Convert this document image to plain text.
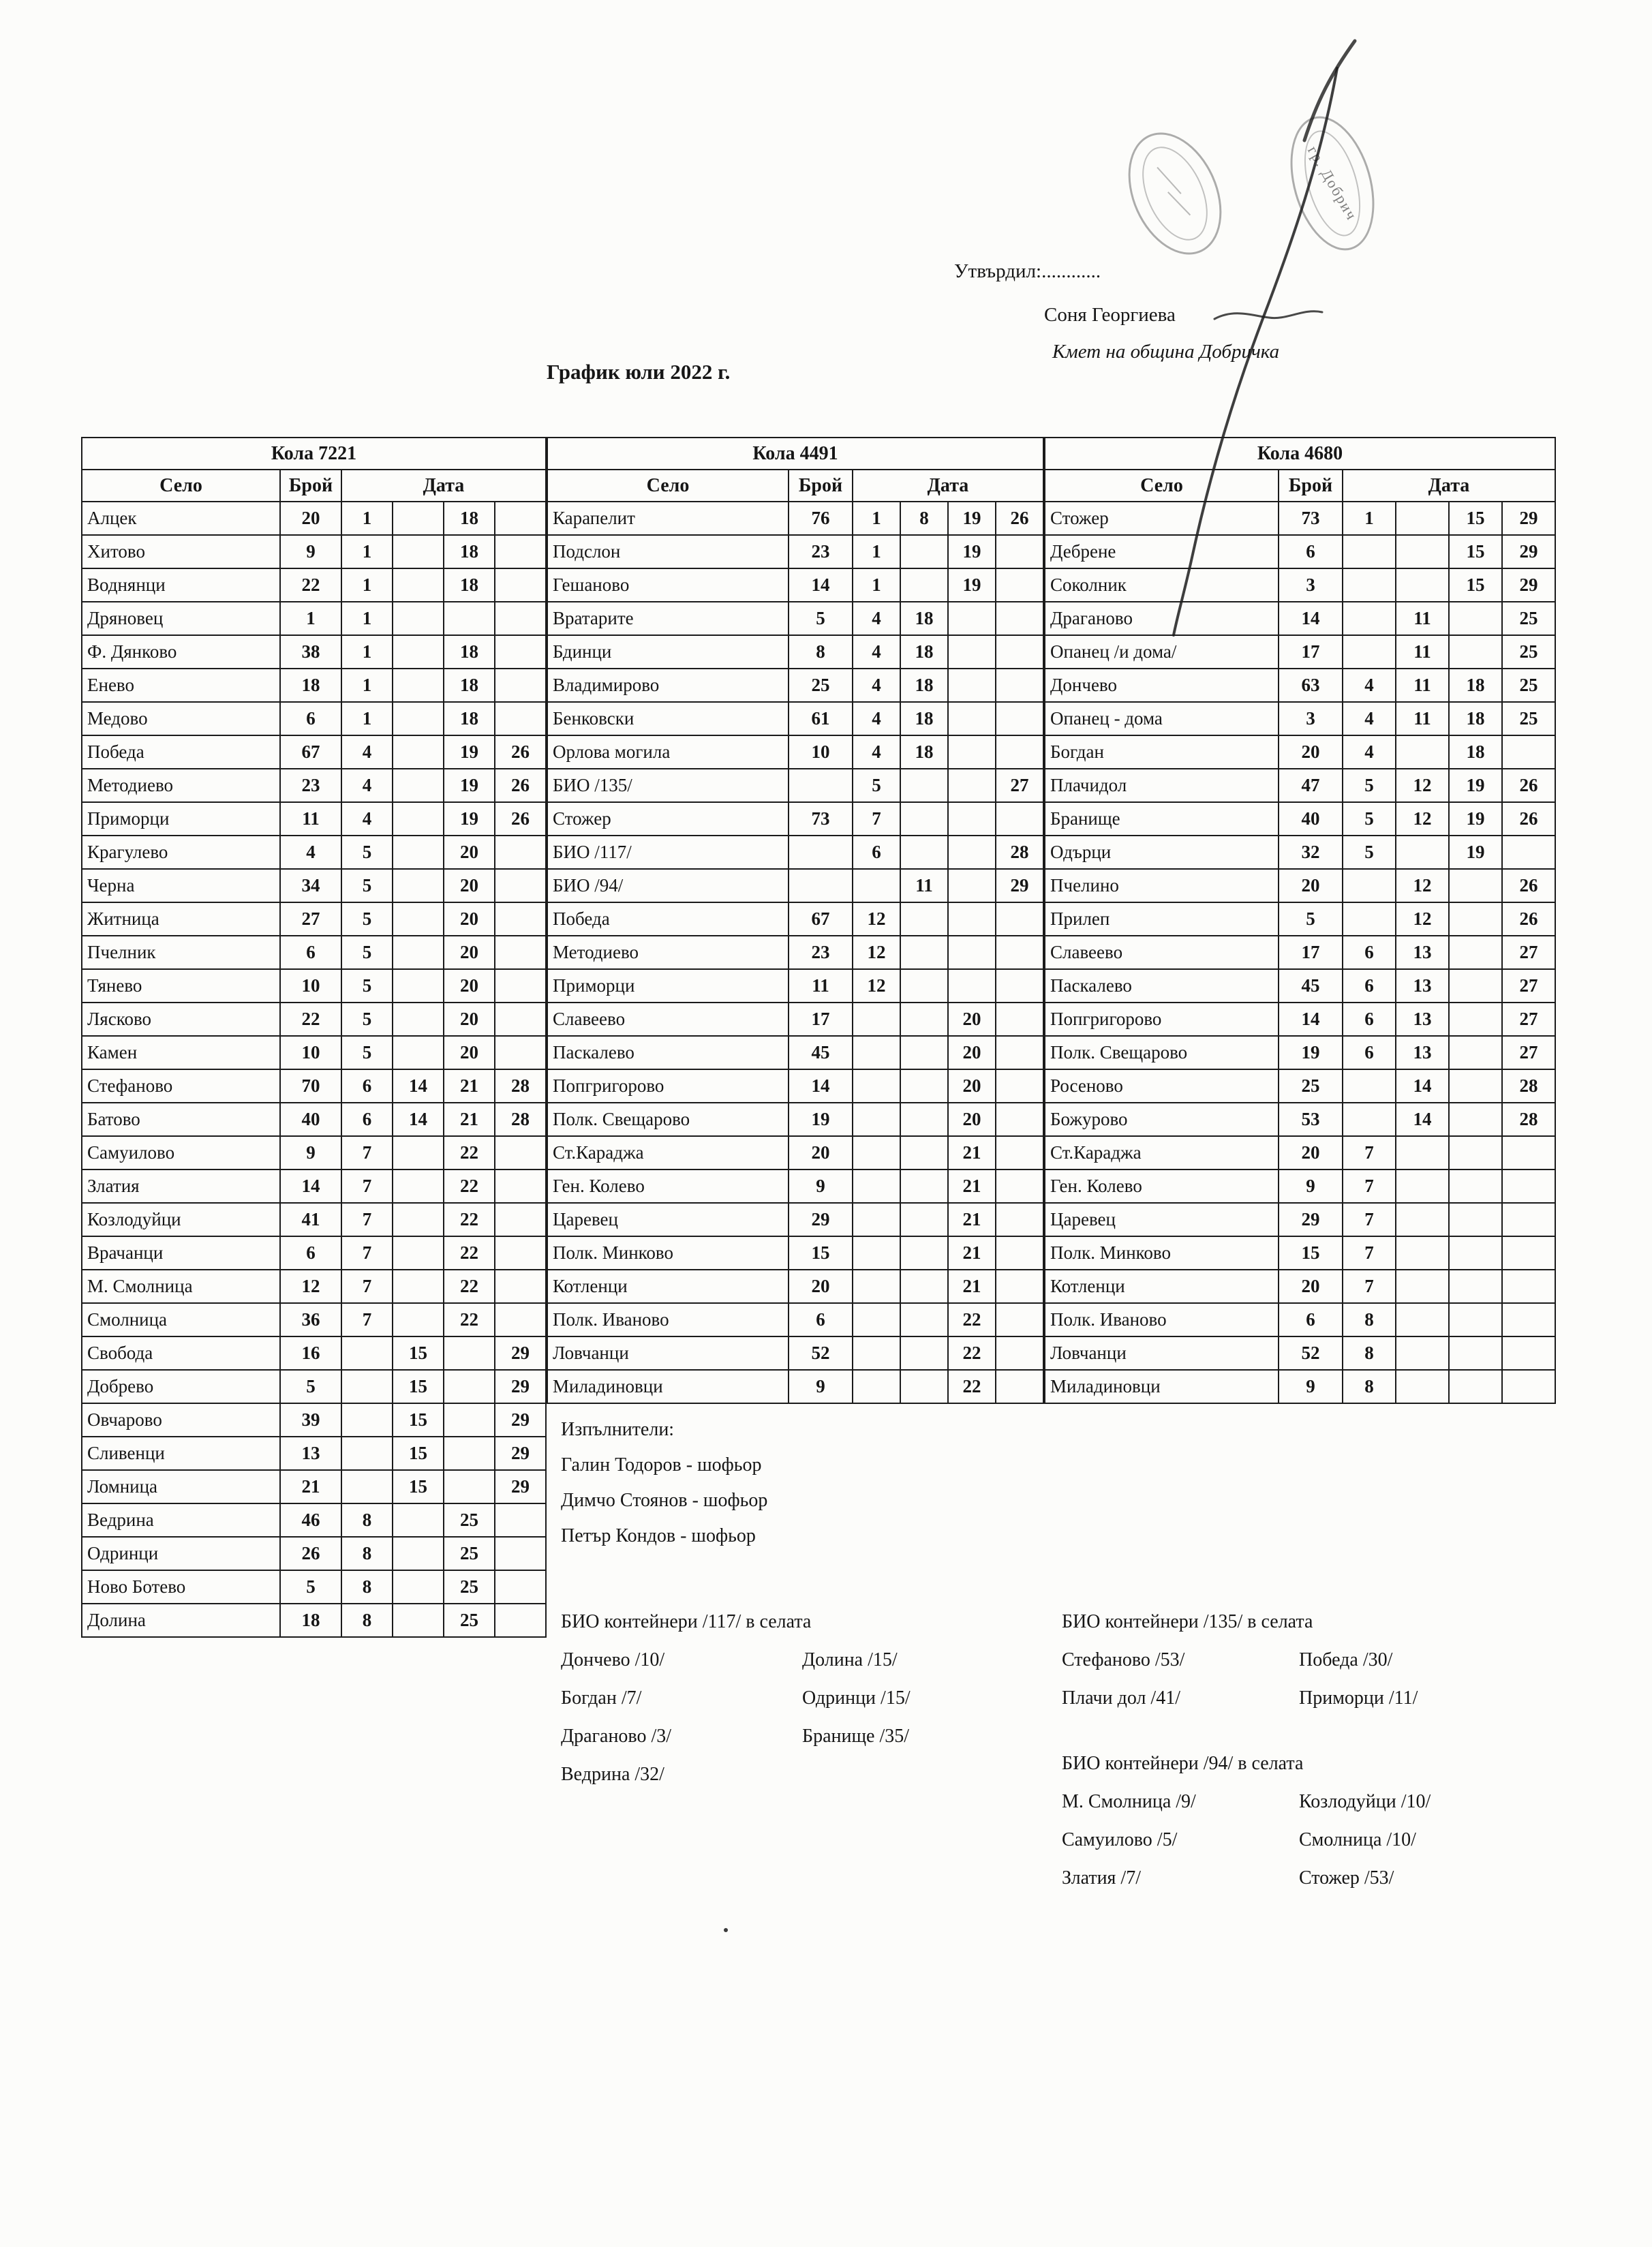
гр. Добрич
Утвърдил:............
Соня Георгиева
Кмет на община Добричка
График юли 2022 г.
Кола 7221					
Село	Брой	Дата			
Алцек	20	1		18	
Хитово	9	1		18	
Воднянци	22	1		18	
Дряновец	1	1			
Ф. Дянково	38	1		18	
Енево	18	1		18	
Медово	6	1		18	
Победа	67	4		19	26
Методиево	23	4		19	26
Приморци	11	4		19	26
Крагулево	4	5		20	
Черна	34	5		20	
Житница	27	5		20	
Пчелник	6	5		20	
Тянево	10	5		20	
Лясково	22	5		20	
Камен	10	5		20	
Стефаново	70	6	14	21	28
Батово	40	6	14	21	28
Самуилово	9	7		22	
Златия	14	7		22	
Козлодуйци	41	7		22	
Врачанци	6	7		22	
М. Смолница	12	7		22	
Смолница	36	7		22	
Свобода	16		15		29
Добрево	5		15		29
Овчарово	39		15		29
Сливенци	13		15		29
Ломница	21		15		29
Ведрина	46	8		25	
Одринци	26	8		25	
Ново Ботево	5	8		25	
Долина	18	8		25	
Кола 4491					
Село	Брой	Дата			
Карапелит	76	1	8	19	26
Подслон	23	1		19	
Гешаново	14	1		19	
Вратарите	5	4	18		
Бдинци	8	4	18		
Владимирово	25	4	18		
Бенковски	61	4	18		
Орлова могила	10	4	18		
БИО /135/		5			27
Стожер	73	7			
БИО /117/		6			28
БИО /94/			11		29
Победа	67	12			
Методиево	23	12			
Приморци	11	12			
Славеево	17			20	
Паскалево	45			20	
Попгригорово	14			20	
Полк. Свещарово	19			20	
Ст.Караджа	20			21	
Ген. Колево	9			21	
Царевец	29			21	
Полк. Минково	15			21	
Котленци	20			21	
Полк. Иваново	6			22	
Ловчанци	52			22	
Миладиновци	9			22	
Кола 4680					
Село	Брой	Дата			
Стожер	73	1		15	29
Дебрене	6			15	29
Соколник	3			15	29
Драганово	14		11		25
Опанец /и дома/	17		11		25
Дончево	63	4	11	18	25
Опанец - дома	3	4	11	18	25
Богдан	20	4		18	
Плачидол	47	5	12	19	26
Бранище	40	5	12	19	26
Одърци	32	5		19	
Пчелино	20		12		26
Прилеп	5		12		26
Славеево	17	6	13		27
Паскалево	45	6	13		27
Попгригорово	14	6	13		27
Полк. Свещарово	19	6	13		27
Росеново	25		14		28
Божурово	53		14		28
Ст.Караджа	20	7			
Ген. Колево	9	7			
Царевец	29	7			
Полк. Минково	15	7			
Котленци	20	7			
Полк. Иваново	6	8			
Ловчанци	52	8			
Миладиновци	9	8			
Изпълнители:
Галин Тодоров - шофьор
Димчо Стоянов - шофьор
Петър Кондов - шофьор
БИО контейнери /117/ в селата
Дончево /10/
Богдан /7/
Драганово /3/
Ведрина /32/
Долина /15/
Одринци /15/
Бранище /35/
БИО контейнери /135/ в селата
Стефаново /53/
Плачи дол /41/
Победа /30/
Приморци /11/
БИО контейнери /94/ в селата
М. Смолница /9/
Самуилово /5/
Златия /7/
Козлодуйци /10/
Смолница /10/
Стожер /53/
